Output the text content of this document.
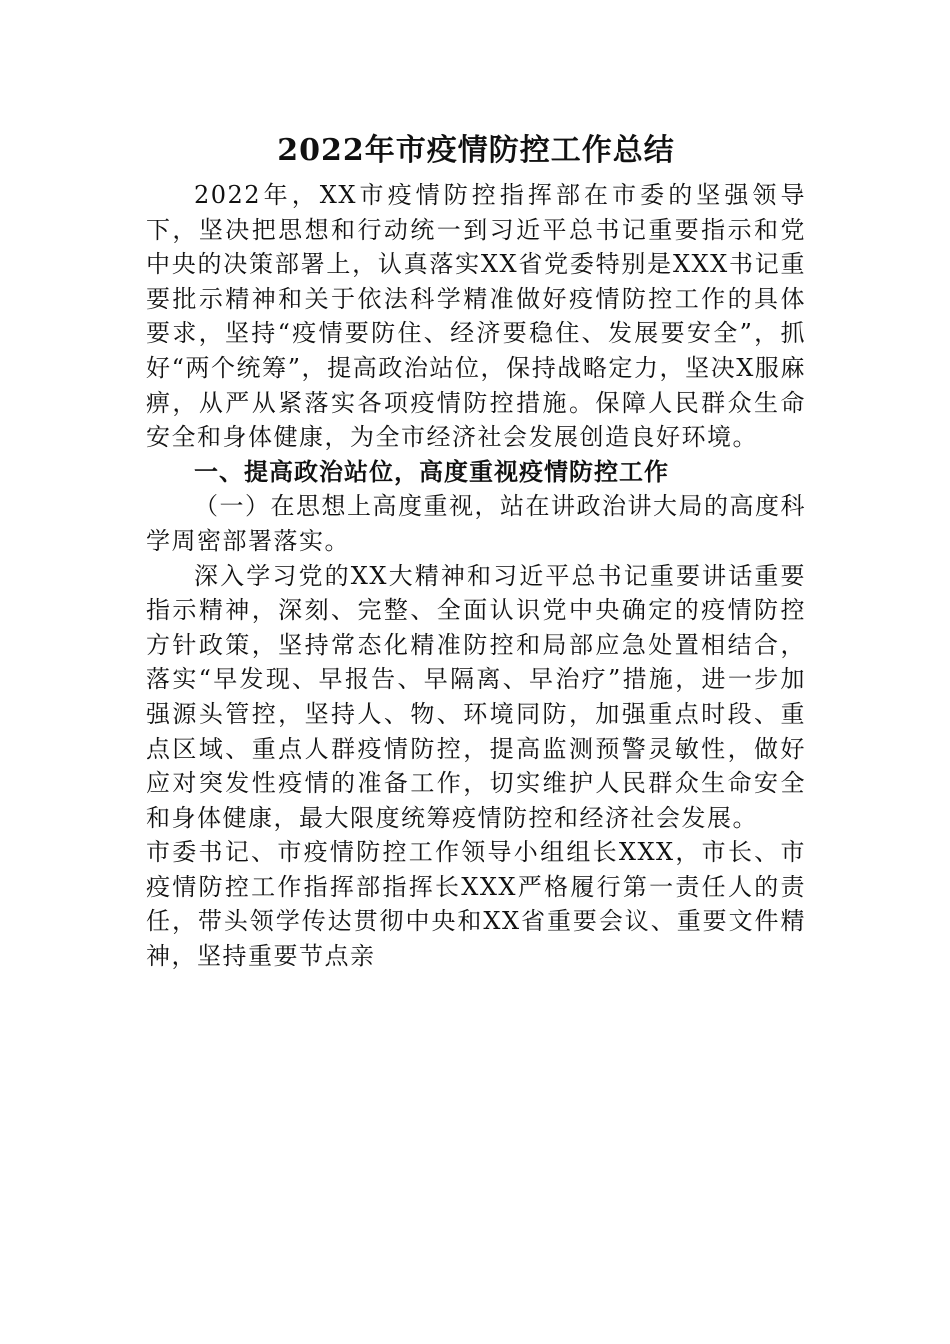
2022年市疫情防控工作总结

2022年，XX市疫情防控指挥部在市委的坚强领导下，坚决把思想和行动统一到习近平总书记重要指示和党中央的决策部署上，认真落实XX省党委特别是XXX书记重要批示精神和关于依法科学精准做好疫情防控工作的具体要求，坚持“疫情要防住、经济要稳住、发展要安全”，抓好“两个统筹”，提高政治站位，保持战略定力，坚决X服麻痹，从严从紧落实各项疫情防控措施。保障人民群众生命安全和身体健康，为全市经济社会发展创造良好环境。

一、提高政治站位，高度重视疫情防控工作

（一）在思想上高度重视，站在讲政治讲大局的高度科学周密部署落实。

深入学习党的XX大精神和习近平总书记重要讲话重要指示精神，深刻、完整、全面认识党中央确定的疫情防控方针政策，坚持常态化精准防控和局部应急处置相结合，落实“早发现、早报告、早隔离、早治疗”措施，进一步加强源头管控，坚持人、物、环境同防，加强重点时段、重点区域、重点人群疫情防控，提高监测预警灵敏性，做好应对突发性疫情的准备工作，切实维护人民群众生命安全和身体健康，最大限度统筹疫情防控和经济社会发展。

市委书记、市疫情防控工作领导小组组长XXX，市长、市疫情防控工作指挥部指挥长XXX严格履行第一责任人的责任，带头领学传达贯彻中央和XX省重要会议、重要文件精神，坚持重要节点亲
